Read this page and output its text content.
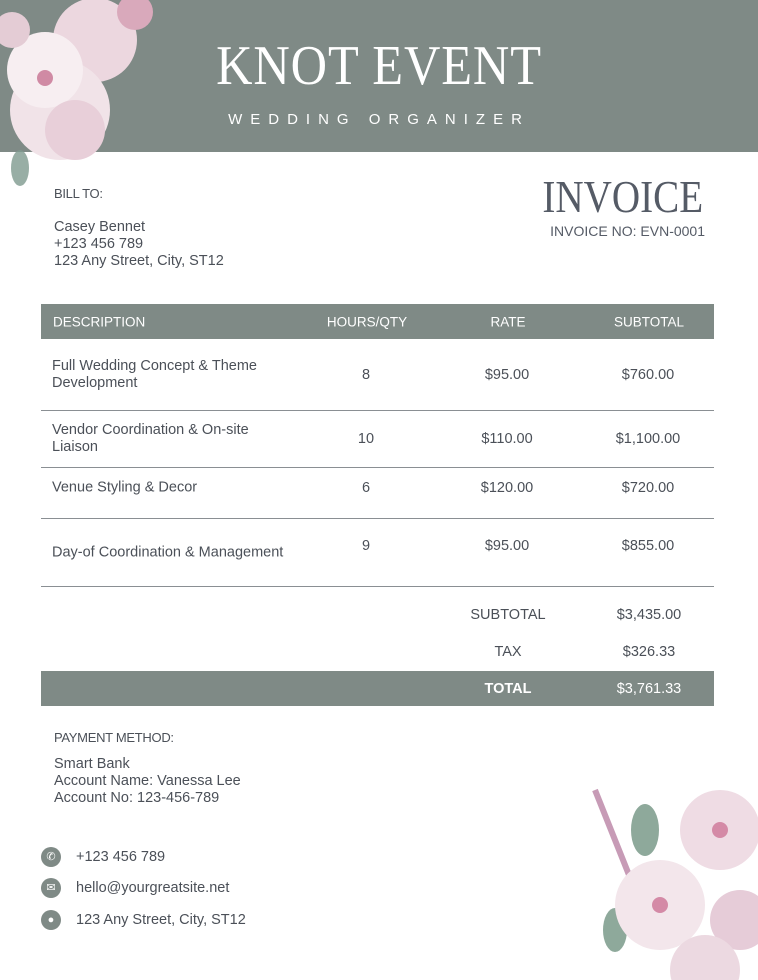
KNOT EVENT
WEDDING ORGANIZER
BILL TO:
Casey Bennet
+123 456 789
123 Any Street, City, ST12
INVOICE
INVOICE NO: EVN-0001
DESCRIPTION	HOURS/QTY	RATE	SUBTOTAL
Full Wedding Concept & Theme Development	8	$95.00	$760.00
Vendor Coordination & On-site Liaison	10	$110.00	$1,100.00
Venue Styling & Decor	6	$120.00	$720.00
Day-of Coordination & Management	9	$95.00	$855.00
SUBTOTAL	$3,435.00
TAX	$326.33
TOTAL	$3,761.33
PAYMENT METHOD:
Smart Bank
Account Name: Vanessa Lee
Account No: 123-456-789
✆	+123 456 789
✉	hello@yourgreatsite.net
●	123 Any Street, City, ST12
